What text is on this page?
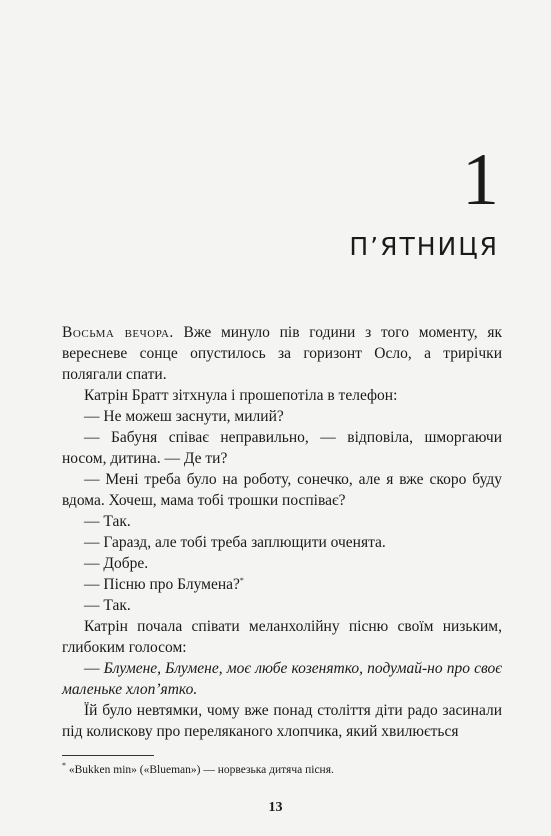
1
П’ЯТНИЦЯ

Восьма вечора. Вже минуло пів години з того моменту, як вересневе сонце опустилось за горизонт Осло, а трирічки полягали спати.

Катрін Братт зітхнула і прошепотіла в телефон:

— Не можеш заснути, милий?

— Бабуня співає неправильно, — відповіла, шморгаючи носом, дитина. — Де ти?

— Мені треба було на роботу, сонечко, але я вже скоро буду вдома. Хочеш, мама тобі трошки поспіває?

— Так.

— Гаразд, але тобі треба заплющити оченята.

— Добре.

— Пісню про Блумена?*

— Так.

Катрін почала співати меланхолійну пісню своїм низьким, глибоким голосом:

— Блумене, Блумене, моє любе козенятко, подумай-но про своє маленьке хлоп’ятко.

Їй було невтямки, чому вже понад століття діти радо засинали під колискову про переляканого хлопчика, який хвилюється

* «Bukken min» («Blueman») — норвезька дитяча пісня.
13
